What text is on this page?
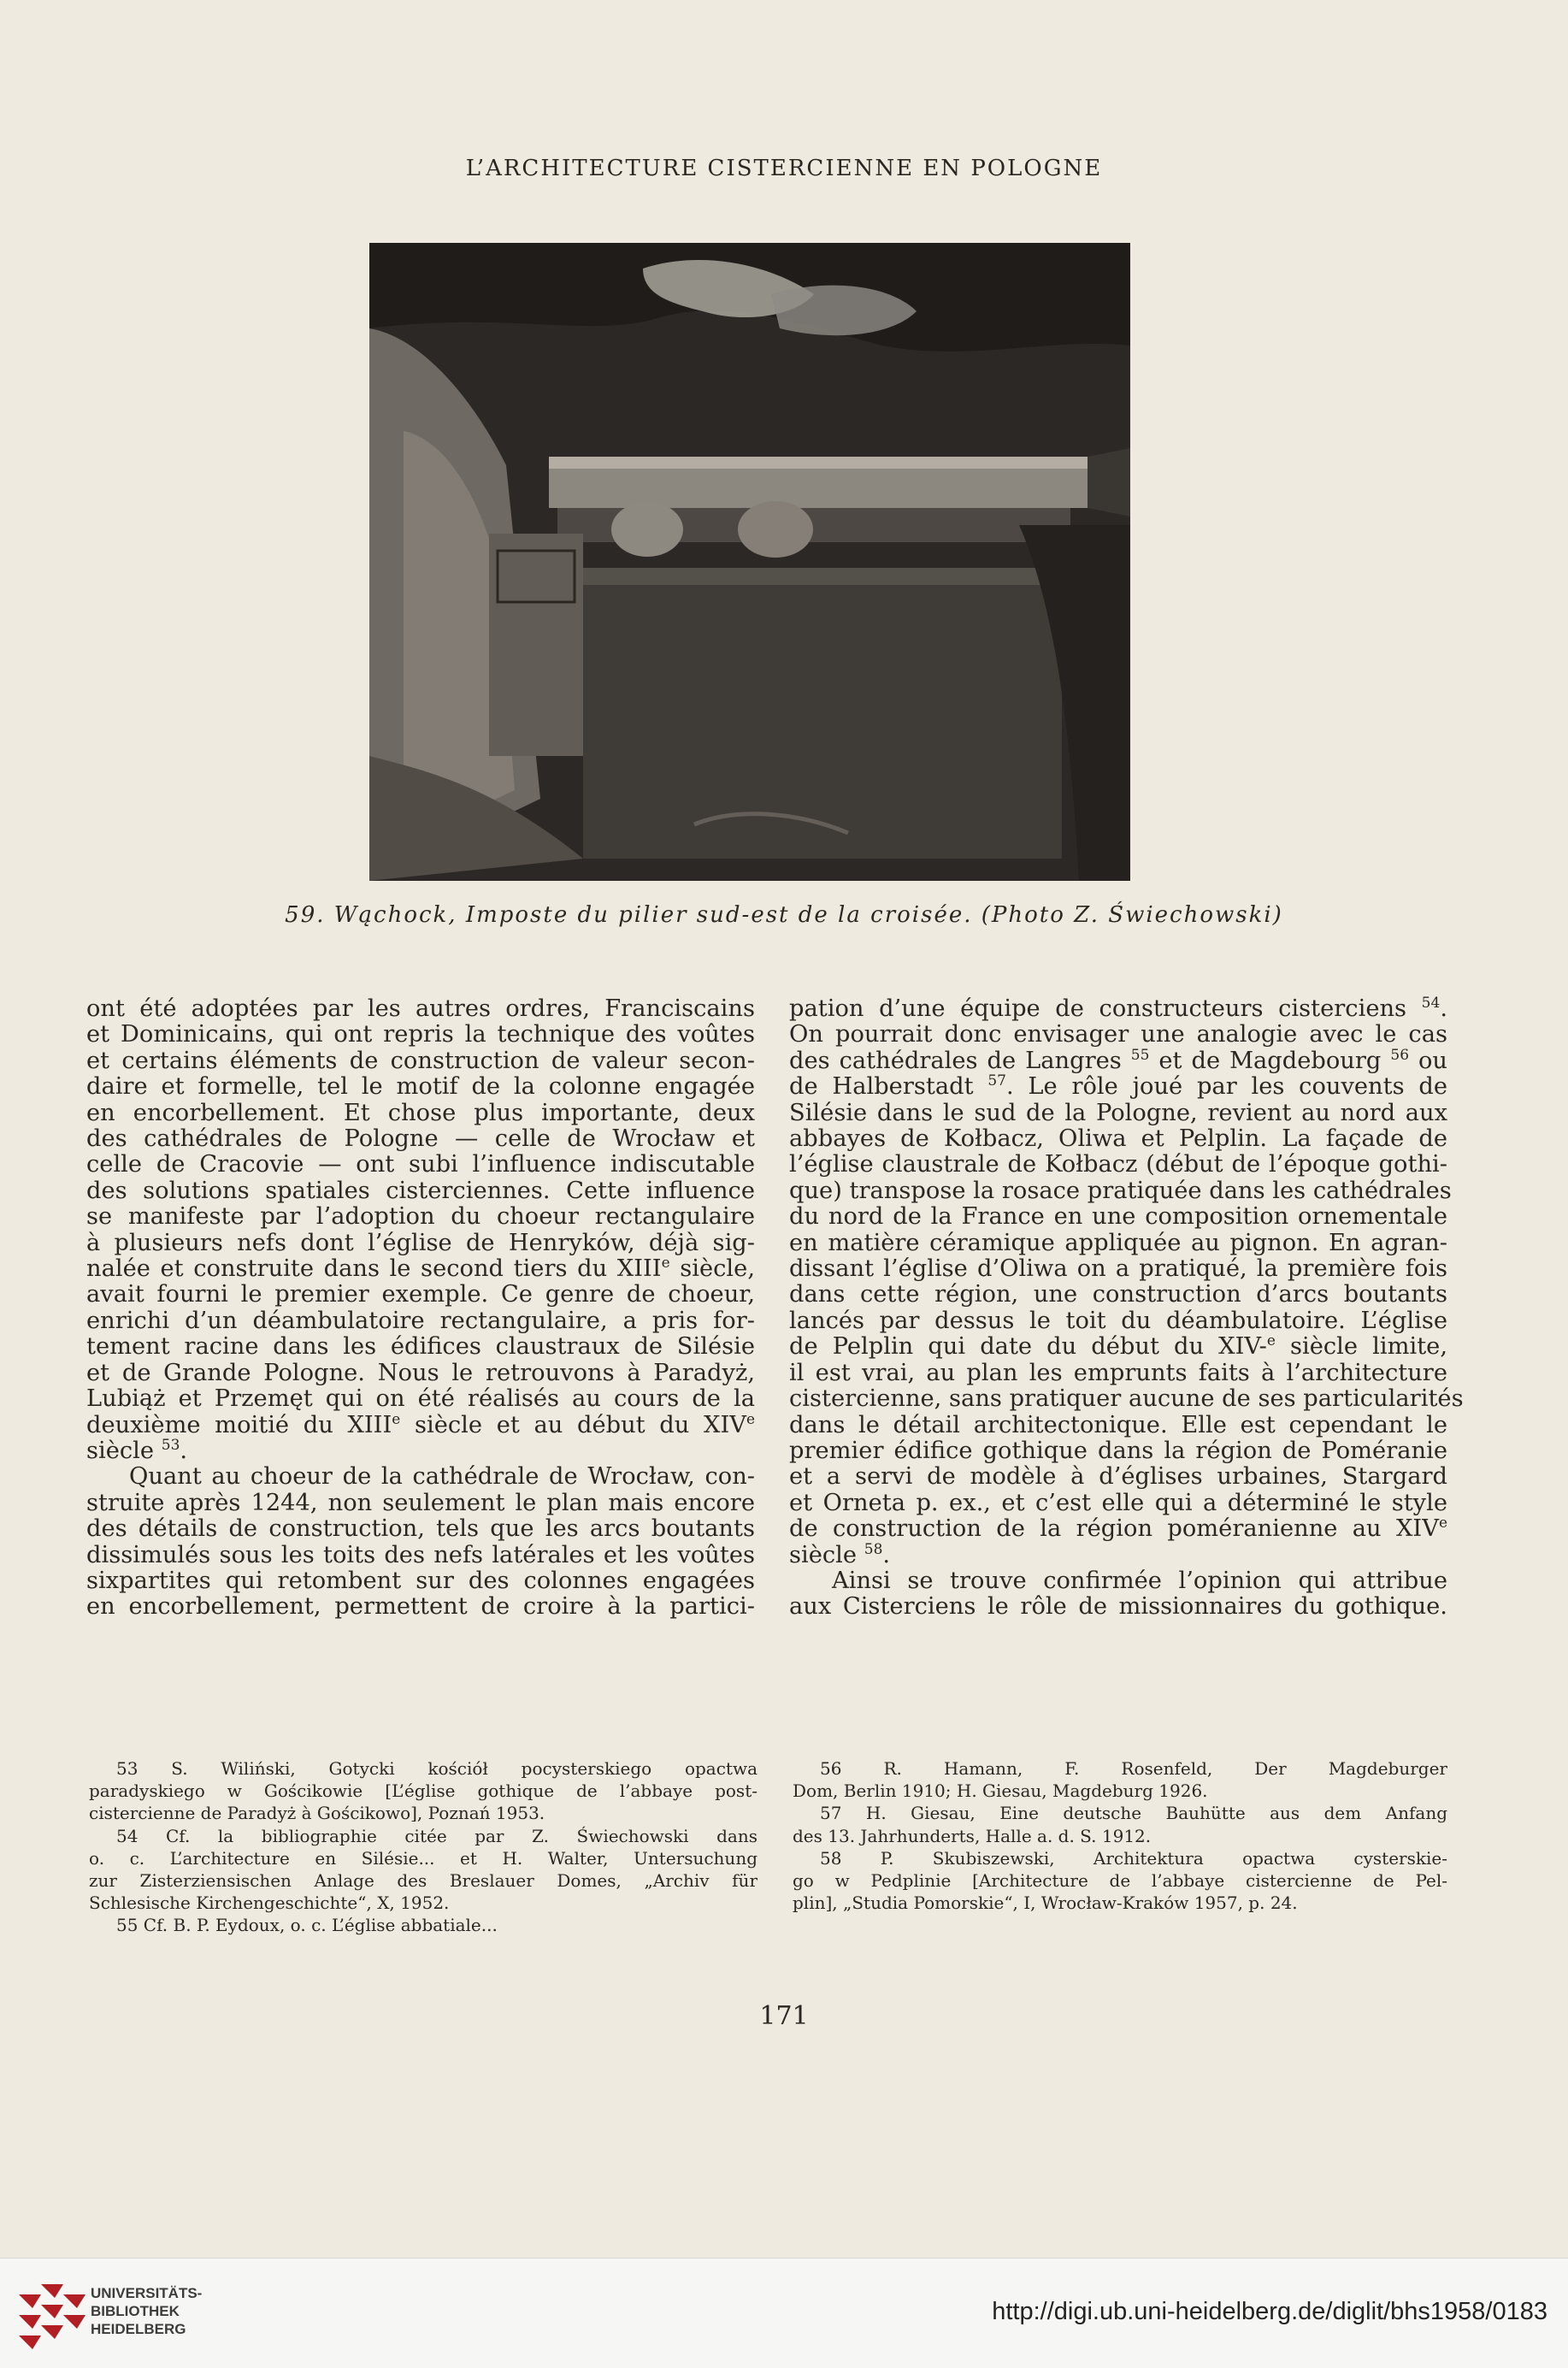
L’ARCHITECTURE CISTERCIENNE EN POLOGNE
59. Wąchock, Imposte du pilier sud-est de la croisée. (Photo Z. Świechowski)
ont été adoptées par les autres ordres, Franciscains
et Dominicains, qui ont repris la technique des voûtes
et certains éléments de construction de valeur secon-
daire et formelle, tel le motif de la colonne engagée
en encorbellement. Et chose plus importante, deux
des cathédrales de Pologne — celle de Wrocław et
celle de Cracovie — ont subi l’influence indiscutable
des solutions spatiales cisterciennes. Cette influence
se manifeste par l’adoption du choeur rectangulaire
à plusieurs nefs dont l’église de Henryków, déjà sig-
nalée et construite dans le second tiers du XIIIe siècle,
avait fourni le premier exemple. Ce genre de choeur,
enrichi d’un déambulatoire rectangulaire, a pris for-
tement racine dans les édifices claustraux de Silésie
et de Grande Pologne. Nous le retrouvons à Paradyż,
Lubiąż et Przemęt qui on été réalisés au cours de la
deuxième moitié du XIIIe siècle et au début du XIVe
siècle $^{53}$.
Quant au choeur de la cathédrale de Wrocław, con-
struite après 1244, non seulement le plan mais encore
des détails de construction, tels que les arcs boutants
dissimulés sous les toits des nefs latérales et les voûtes
sixpartites qui retombent sur des colonnes engagées
en encorbellement, permettent de croire à la partici-
pation d’une équipe de constructeurs cisterciens $^{54}$.
On pourrait donc envisager une analogie avec le cas
des cathédrales de Langres $^{55}$ et de Magdebourg $^{56}$ ou
de Halberstadt $^{57}$. Le rôle joué par les couvents de
Silésie dans le sud de la Pologne, revient au nord aux
abbayes de Kołbacz, Oliwa et Pelplin. La façade de
l’église claustrale de Kołbacz (début de l’époque gothi-
que) transpose la rosace pratiquée dans les cathédrales
du nord de la France en une composition ornementale
en matière céramique appliquée au pignon. En agran-
dissant l’église d’Oliwa on a pratiqué, la première fois
dans cette région, une construction d’arcs boutants
lancés par dessus le toit du déambulatoire. L’église
de Pelplin qui date du début du XIV-$^e$ siècle limite,
il est vrai, au plan les emprunts faits à l’architecture
cistercienne, sans pratiquer aucune de ses particularités
dans le détail architectonique. Elle est cependant le
premier édifice gothique dans la région de Poméranie
et a servi de modèle à d’églises urbaines, Stargard
et Orneta p. ex., et c’est elle qui a déterminé le style
de construction de la région poméranienne au XIVe
siècle $^{58}$.
Ainsi se trouve confirmée l’opinion qui attribue
aux Cisterciens le rôle de missionnaires du gothique.
53 S. Wiliński, Gotycki kościół pocysterskiego opactwa
paradyskiego w Gościkowie [L’église gothique de l’abbaye post-
cistercienne de Paradyż à Gościkowo], Poznań 1953.
54 Cf. la bibliographie citée par Z. Świechowski dans
o. c. L’architecture en Silésie... et H. Walter, Untersuchung
zur Zisterziensischen Anlage des Breslauer Domes, „Archiv für
Schlesische Kirchengeschichte“, X, 1952.
55 Cf. B. P. Eydoux, o. c. L’église abbatiale...
56 R. Hamann, F. Rosenfeld, Der Magdeburger
Dom, Berlin 1910; H. Giesau, Magdeburg 1926.
57 H. Giesau, Eine deutsche Bauhütte aus dem Anfang
des 13. Jahrhunderts, Halle a. d. S. 1912.
58 P. Skubiszewski, Architektura opactwa cysterskie-
go w Pedplinie [Architecture de l’abbaye cistercienne de Pel-
plin], „Studia Pomorskie“, I, Wrocław-Kraków 1957, p. 24.
171
UNIVERSITÄTS-
BIBLIOTHEK
HEIDELBERG
http://digi.ub.uni-heidelberg.de/diglit/bhs1958/0183
